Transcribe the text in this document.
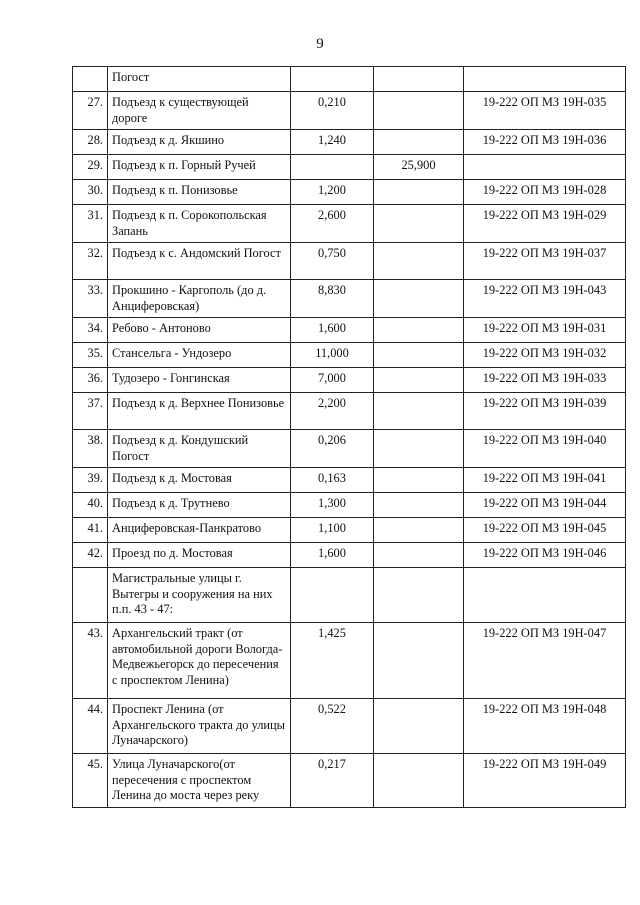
9
	Погост			
27.	Подъезд к существующей дороге	0,210		19-222 ОП МЗ 19Н-035
28.	Подъезд к д. Якшино	1,240		19-222 ОП МЗ 19Н-036
29.	Подъезд к п. Горный Ручей		25,900	
30.	Подъезд к п. Понизовье	1,200		19-222 ОП МЗ 19Н-028
31.	Подъезд к п. Сорокопольская Запань	2,600		19-222 ОП МЗ 19Н-029
32.	Подъезд к с. Андомский Погост	0,750		19-222 ОП МЗ 19Н-037
33.	Прокшино - Каргополь (до д. Анциферовская)	8,830		19-222 ОП МЗ 19Н-043
34.	Ребово - Антоново	1,600		19-222 ОП МЗ 19Н-031
35.	Стансельга - Ундозеро	11,000		19-222 ОП МЗ 19Н-032
36.	Тудозеро - Гонгинская	7,000		19-222 ОП МЗ 19Н-033
37.	Подъезд к д. Верхнее Понизовье	2,200		19-222 ОП МЗ 19Н-039
38.	Подъезд к д. Кондушский Погост	0,206		19-222 ОП МЗ 19Н-040
39.	Подъезд к д. Мостовая	0,163		19-222 ОП МЗ 19Н-041
40.	Подъезд к д. Трутнево	1,300		19-222 ОП МЗ 19Н-044
41.	Анциферовская-Панкратово	1,100		19-222 ОП МЗ 19Н-045
42.	Проезд по д. Мостовая	1,600		19-222 ОП МЗ 19Н-046
	Магистральные улицы г. Вытегры и сооружения на них п.п. 43 - 47:			
43.	Архангельский тракт (от автомобильной дороги Вологда-Медвежьегорск до пересечения с проспектом Ленина)	1,425		19-222 ОП МЗ 19Н-047
44.	Проспект Ленина (от Архангельского тракта до улицы Луначарского)	0,522		19-222 ОП МЗ 19Н-048
45.	Улица Луначарского(от пересечения с проспектом Ленина до моста через реку	0,217		19-222 ОП МЗ 19Н-049
